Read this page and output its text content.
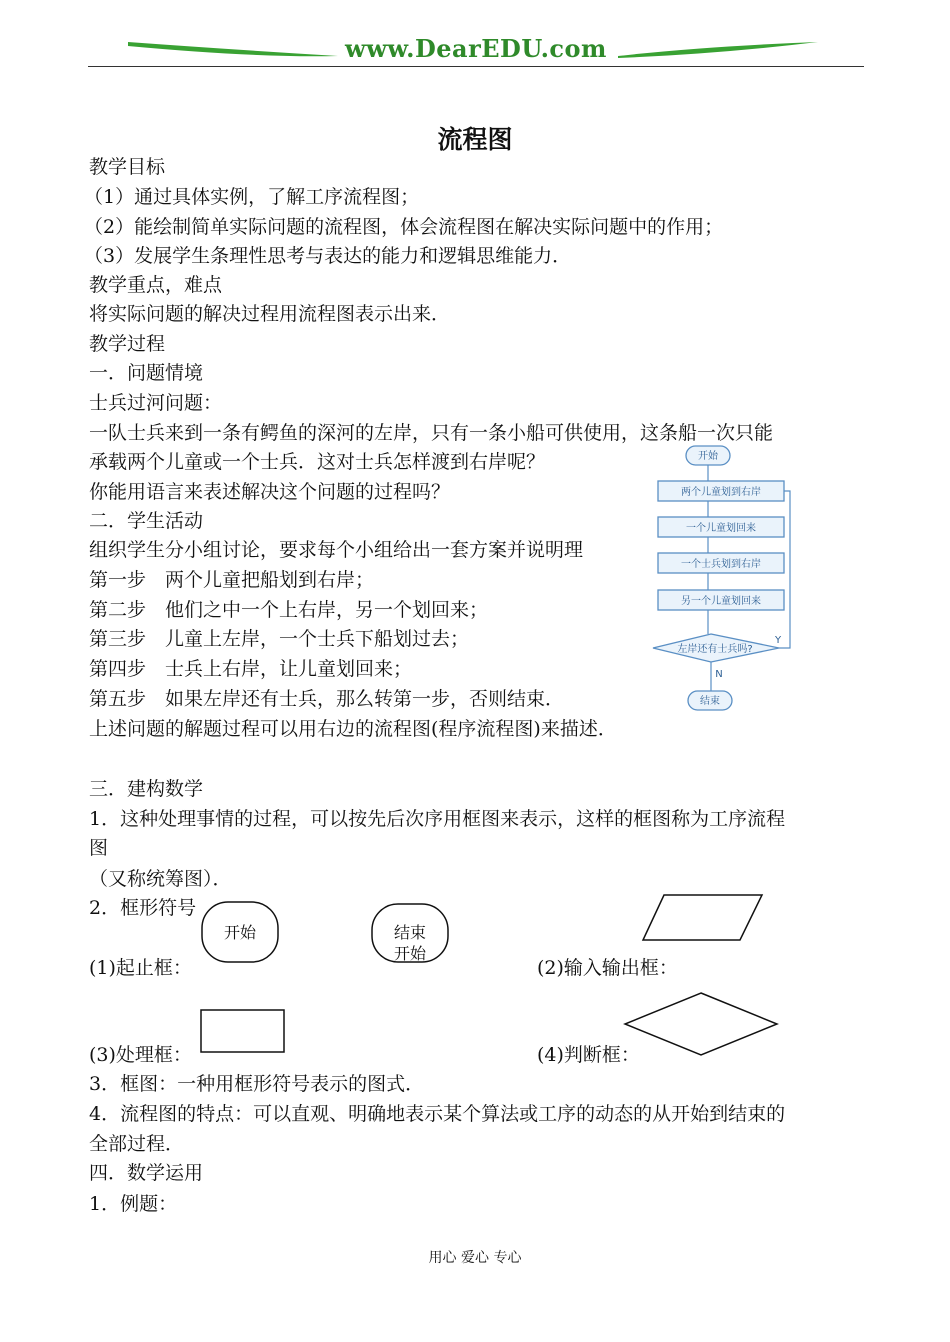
www.DearEDU.com
流程图
教学目标
（1）通过具体实例，了解工序流程图；
（2）能绘制简单实际问题的流程图，体会流程图在解决实际问题中的作用；
（3）发展学生条理性思考与表达的能力和逻辑思维能力．
教学重点，难点
将实际问题的解决过程用流程图表示出来．
教学过程
一．问题情境
士兵过河问题：
一队士兵来到一条有鳄鱼的深河的左岸，只有一条小船可供使用，这条船一次只能
承载两个儿童或一个士兵．这对士兵怎样渡到右岸呢？
你能用语言来表述解决这个问题的过程吗？
二．学生活动
组织学生分小组讨论，要求每个小组给出一套方案并说明理
第一步　两个儿童把船划到右岸；
第二步　他们之中一个上右岸，另一个划回来；
第三步　儿童上左岸，一个士兵下船划过去；
第四步　士兵上右岸，让儿童划回来；
第五步　如果左岸还有士兵，那么转第一步，否则结束．
上述问题的解题过程可以用右边的流程图(程序流程图)来描述．
开始
两个儿童划到右岸
一个儿童划回来
一个士兵划到右岸
另一个儿童划回来
左岸还有士兵吗?
Y
N
结束
三．建构数学
1．这种处理事情的过程，可以按先后次序用框图来表示，这样的框图称为工序流程
图
（又称统筹图）．
2．框形符号
开始	结束
开始
(1)起止框：	(2)输入输出框：
(3)处理框：	(4)判断框：
3．框图：一种用框形符号表示的图式．
4．流程图的特点：可以直观、明确地表示某个算法或工序的动态的从开始到结束的
全部过程．
四．数学运用
1．例题：
用心 爱心 专心
